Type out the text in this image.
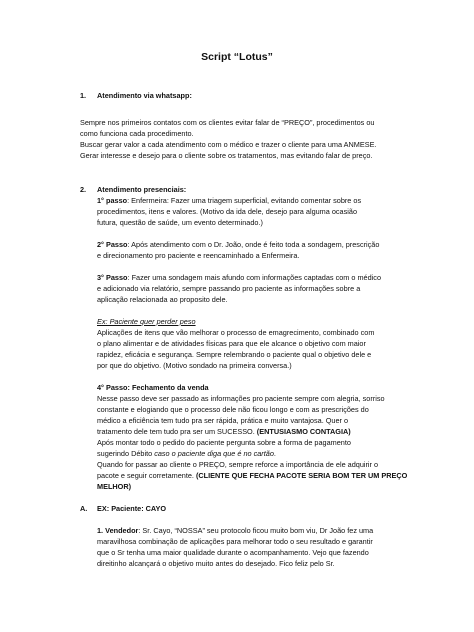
Script “Lotus”
1. Atendimento via whatsapp:
Sempre nos primeiros contatos com os clientes evitar falar de “PREÇO”, procedimentos ou
como funciona cada procedimento.
Buscar gerar valor a cada atendimento com o médico e trazer o cliente para uma ANMESE.
Gerar interesse e desejo para o cliente sobre os tratamentos, mas evitando falar de preço.
2. Atendimento presenciais:
1° passo: Enfermeira: Fazer uma triagem superficial, evitando comentar sobre os
procedimentos, itens e valores. (Motivo da ida dele, desejo para alguma ocasião
futura, questão de saúde, um evento determinado.)
2° Passo: Após atendimento com o Dr. João, onde é feito toda a sondagem, prescrição
e direcionamento pro paciente e reencaminhado a Enfermeira.
3° Passo: Fazer uma sondagem mais afundo com informações captadas com o médico
e adicionado via relatório, sempre passando pro paciente as informações sobre a
aplicação relacionada ao proposito dele.
Ex: Paciente quer perder peso
Aplicações de itens que vão melhorar o processo de emagrecimento, combinado com
o plano alimentar e de atividades físicas para que ele alcance o objetivo com maior
rapidez, eficácia e segurança. Sempre relembrando o paciente qual o objetivo dele e
por que do objetivo. (Motivo sondado na primeira conversa.)
4° Passo: Fechamento da venda
Nesse passo deve ser passado as informações pro paciente sempre com alegria, sorriso
constante e elogiando que o processo dele não ficou longo e com as prescrições do
médico a eficiência tem tudo pra ser rápida, prática e muito vantajosa. Quer o
tratamento dele tem tudo pra ser um SUCESSO. (ENTUSIASMO CONTAGIA)
Após montar todo o pedido do paciente pergunta sobre a forma de pagamento
sugerindo Débito caso o paciente diga que é no cartão.
Quando for passar ao cliente o PREÇO, sempre reforce a importância de ele adquirir o
pacote e seguir corretamente. (CLIENTE QUE FECHA PACOTE SERIA BOM TER UM PREÇO
MELHOR)
A. EX: Paciente: CAYO
1. Vendedor: Sr. Cayo, “NOSSA” seu protocolo ficou muito bom viu, Dr João fez uma
maravilhosa combinação de aplicações para melhorar todo o seu resultado e garantir
que o Sr tenha uma maior qualidade durante o acompanhamento. Vejo que fazendo
direitinho alcançará o objetivo muito antes do desejado. Fico feliz pelo Sr.
